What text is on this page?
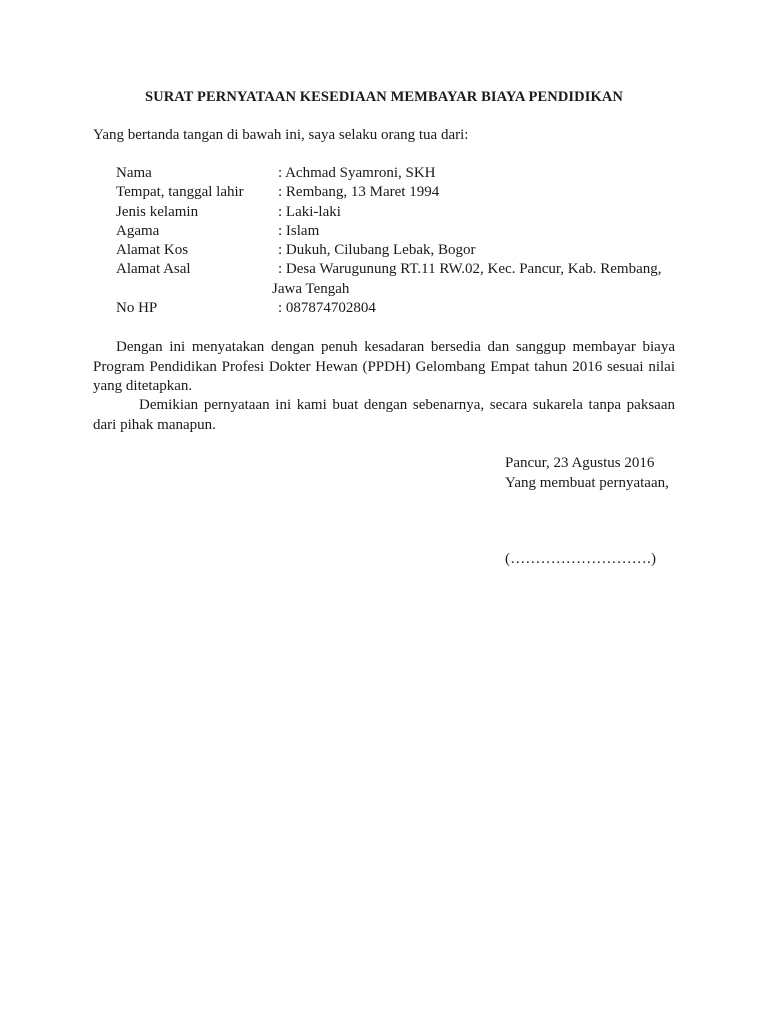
SURAT PERNYATAAN KESEDIAAN MEMBAYAR BIAYA PENDIDIKAN
Yang bertanda tangan di bawah ini, saya selaku orang tua dari:
Nama	: Achmad Syamroni, SKH
Tempat, tanggal lahir : Rembang, 13 Maret 1994
Jenis kelamin	: Laki-laki
Agama	: Islam
Alamat Kos	: Dukuh, Cilubang Lebak, Bogor
Alamat Asal	: Desa Warugunung RT.11 RW.02, Kec. Pancur, Kab. Rembang,
Jawa Tengah
No HP	: 087874702804
Dengan ini menyatakan dengan penuh kesadaran bersedia dan sanggup membayar biaya
Program Pendidikan Profesi Dokter Hewan (PPDH) Gelombang Empat tahun 2016 sesuai nilai
yang ditetapkan.
Demikian pernyataan ini kami buat dengan sebenarnya, secara sukarela tanpa paksaan
dari pihak manapun.
Pancur, 23 Agustus 2016
Yang membuat pernyataan,
(……………………….)
